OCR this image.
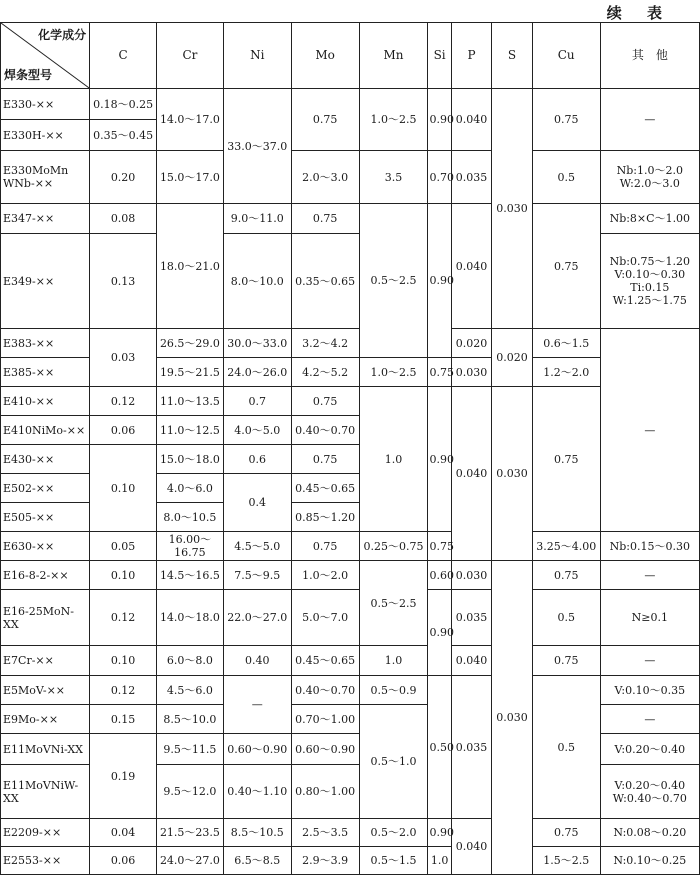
续 表
化学成分
焊条型号	C	Cr	Ni	Mo	Mn	Si	P	S	Cu	其　他
E330-××	0.18～0.25	14.0～17.0	33.0～37.0	0.75	1.0～2.5	0.90	0.040	0.030	0.75	—
E330H-××	0.35～0.45									
E330MoMn WNb-××	0.20	15.0～17.0		2.0～3.0	3.5	0.70	0.035		0.5	Nb:1.0～2.0
W:2.0～3.0

E347-××	0.08	18.0～21.0	9.0～11.0	0.75	0.5～2.5	0.90	0.040		0.75	Nb:8×C～1.00
E349-××	0.13		8.0～10.0	0.35～0.65						Nb:0.75～1.20
V:0.10～0.30
Ti:0.15
W:1.25～1.75

E383-××	0.03	26.5～29.0	30.0～33.0	3.2～4.2			0.020	0.020	0.6～1.5	—
E385-××		19.5～21.5	24.0～26.0	4.2～5.2	1.0～2.5	0.75	0.030		1.2～2.0	
E410-××	0.12	11.0～13.5	0.7	0.75	1.0	0.90	0.040	0.030	0.75	
E410NiMo-××	0.06	11.0～12.5	4.0～5.0	0.40～0.70						
E430-××	0.10	15.0～18.0	0.6	0.75						
E502-××		4.0～6.0	0.4	0.45～0.65						
E505-××		8.0～10.5		0.85～1.20						
E630-××	0.05	16.00～16.75	4.5～5.0	0.75	0.25～0.75	0.75			3.25～4.00	Nb:0.15～0.30
E16-8-2-××	0.10	14.5～16.5	7.5～9.5	1.0～2.0	0.5～2.5	0.60	0.030	0.030	0.75	—
E16-25MoN-XX	0.12	14.0～18.0	22.0～27.0	5.0～7.0		0.90	0.035		0.5	N≥0.1
E7Cr-××	0.10	6.0～8.0	0.40	0.45～0.65	1.0		0.040		0.75	—
E5MoV-××	0.12	4.5～6.0	—	0.40～0.70	0.5～0.9	0.50	0.035		0.5	V:0.10～0.35
E9Mo-××	0.15	8.5～10.0		0.70～1.00	0.5～1.0					—
E11MoVNi-XX	0.19	9.5～11.5	0.60～0.90	0.60～0.90						V:0.20～0.40
E11MoVNiW-XX		9.5～12.0	0.40～1.10	0.80～1.00						V:0.20～0.40
W:0.40～0.70

E2209-××	0.04	21.5～23.5	8.5～10.5	2.5～3.5	0.5～2.0	0.90	0.040		0.75	N:0.08～0.20
E2553-××	0.06	24.0～27.0	6.5～8.5	2.9～3.9	0.5～1.5	1.0			1.5～2.5	N:0.10～0.25
